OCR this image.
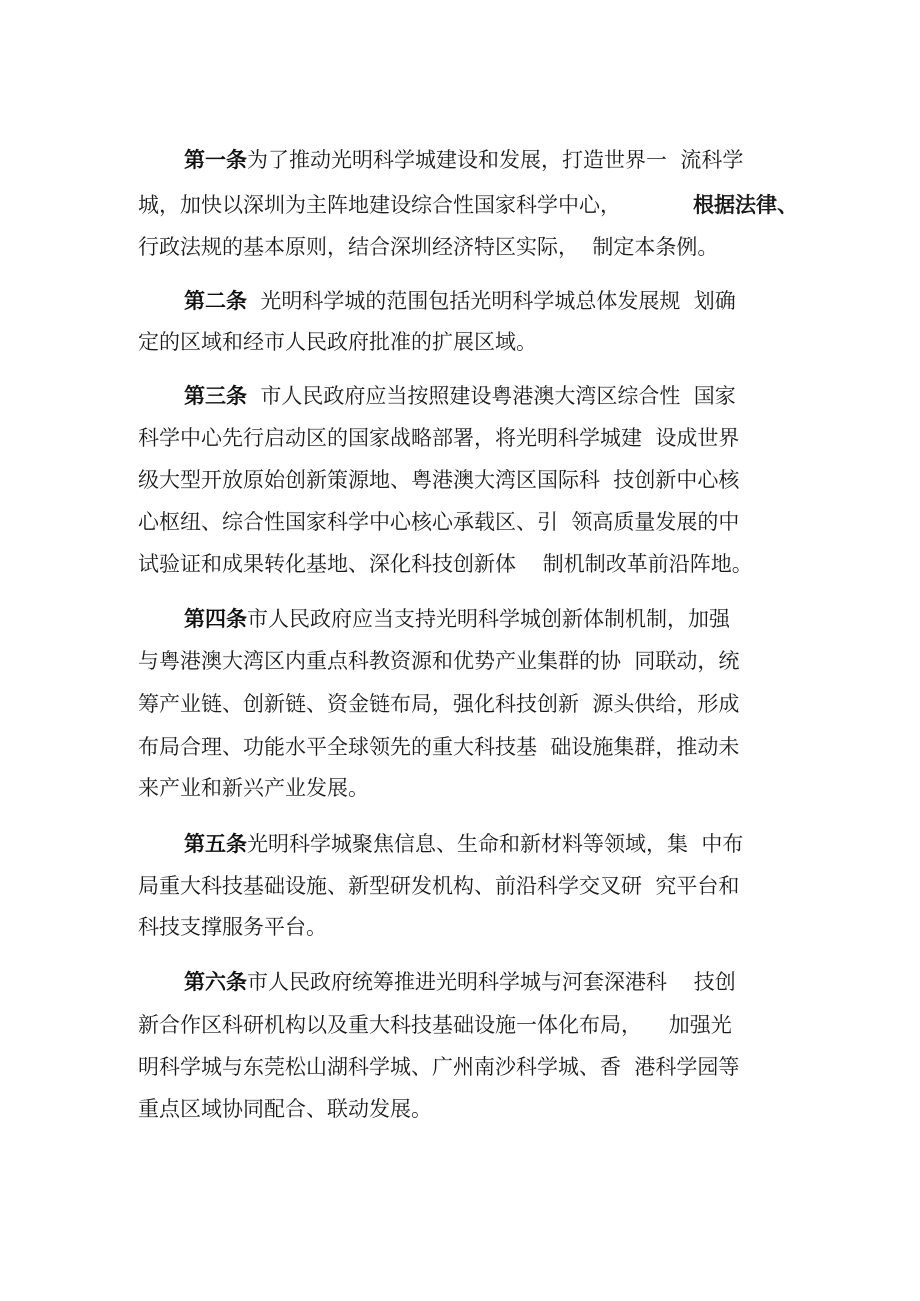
第一条为了推动光明科学城建设和发展，打造世界一  流科学
城，加快以深圳为主阵地建设综合性国家科学中心，	根据法律、
行政法规的基本原则，结合深圳经济特区实际，  制定本条例。
第二条  光明科学城的范围包括光明科学城总体发展规  划确
定的区域和经市人民政府批准的扩展区域。
第三条  市人民政府应当按照建设粤港澳大湾区综合性  国家
科学中心先行启动区的国家战略部署，将光明科学城建  设成世界
级大型开放原始创新策源地、粤港澳大湾区国际科  技创新中心核
心枢纽、综合性国家科学中心核心承载区、引  领高质量发展的中
试验证和成果转化基地、深化科技创新体    制机制改革前沿阵地。
第四条市人民政府应当支持光明科学城创新体制机制，加强
与粤港澳大湾区内重点科教资源和优势产业集群的协  同联动，统
筹产业链、创新链、资金链布局，强化科技创新  源头供给，形成
布局合理、功能水平全球领先的重大科技基  础设施集群，推动未
来产业和新兴产业发展。
第五条光明科学城聚焦信息、生命和新材料等领域，集  中布
局重大科技基础设施、新型研发机构、前沿科学交叉研  究平台和
科技支撑服务平台。
第六条市人民政府统筹推进光明科学城与河套深港科    技创
新合作区科研机构以及重大科技基础设施一体化布局，    加强光
明科学城与东莞松山湖科学城、广州南沙科学城、香  港科学园等
重点区域协同配合、联动发展。
